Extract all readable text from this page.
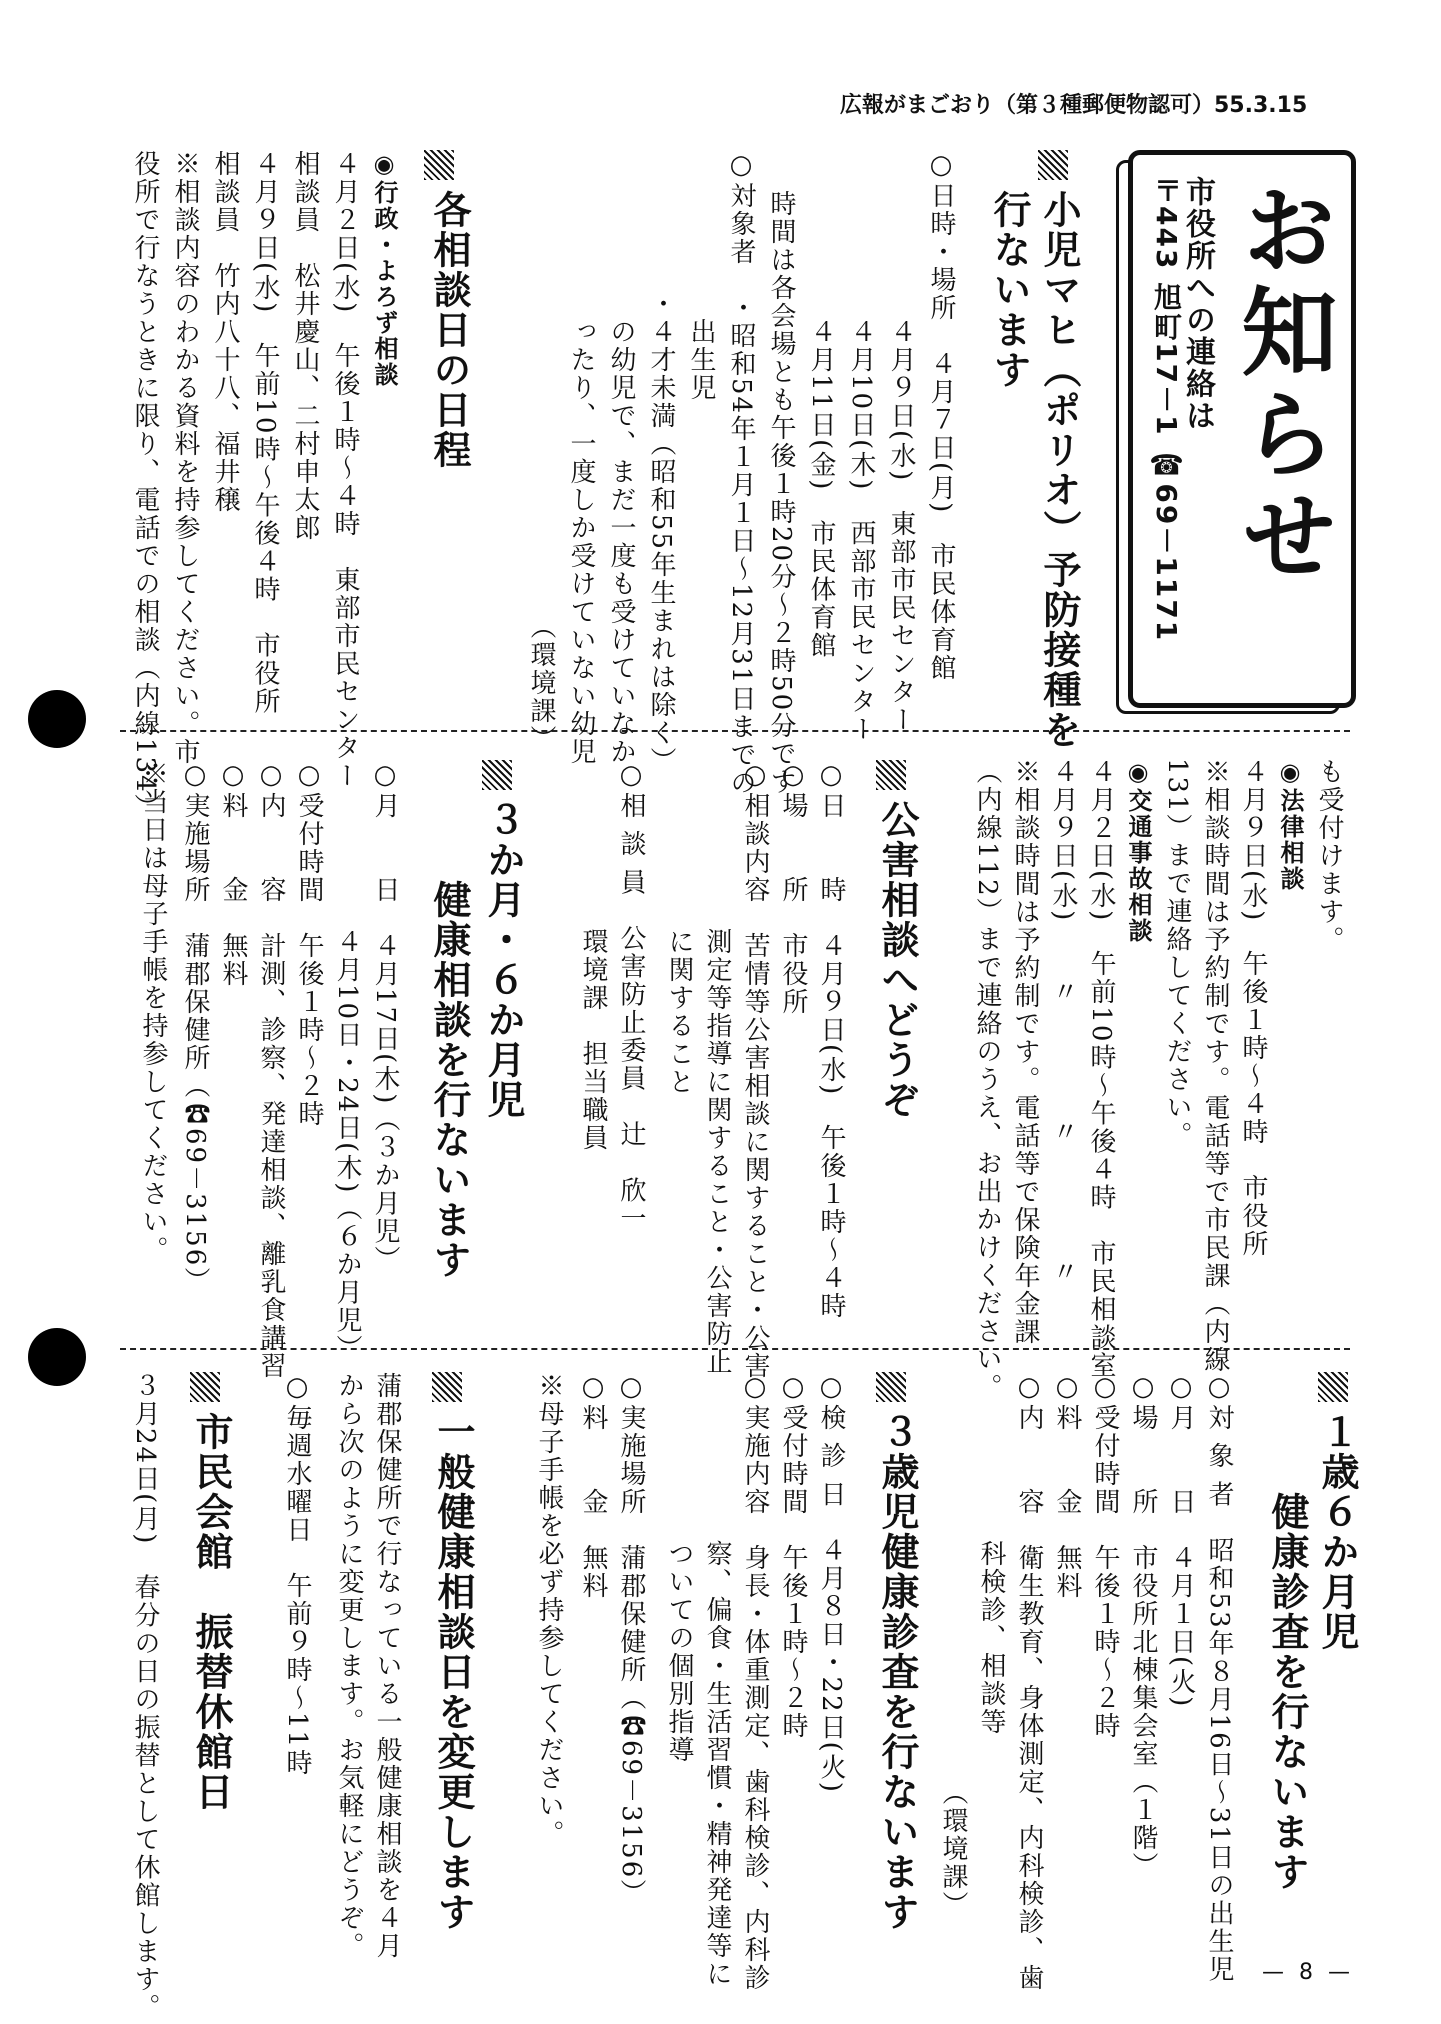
広報がまごおり（第３種郵便物認可）55.3.15
お知らせ
市役所への連絡は
〒443 旭町17－1 ☎69－1171
小児マヒ（ポリオ）予防接種を
行ないます
○日時・場所　４月７日(月)　市民体育館
　　　　　　４月９日(水)　東部市民センター
　　　　　　４月10日(木)　西部市民センター
　　　　　　４月11日(金)　市民体育館
時間は各会場とも午後１時20分～２時50分です
○対象者　・昭和54年１月１日～12月31日までの
　　　　　　出生児
　　　　　・４才未満（昭和55年生まれは除く）
　　　　　　の幼児で、まだ一度も受けていなか
　　　　　　ったり、一度しか受けていない幼児
　　　　　　　　　　　　　　　　　（環境課）
各相談日の日程
◉行政・よろず相談
４月２日(水)　午後１時～４時　東部市民センター
相談員　松井慶山、二村申太郎
４月９日(水)　午前10時～午後４時　市役所
相談員　竹内八十八、福井穣
※相談内容のわかる資料を持参してください。市
役所で行なうときに限り、電話での相談（内線134）
も受付けます。
◉法律相談
４月９日(水)　午後１時～４時　市役所
※相談時間は予約制です。電話等で市民課（内線
131）まで連絡してください。
◉交通事故相談
４月２日(水)　午前10時～午後４時　市民相談室
４月９日(水)　　〃　　　　〃　　　　〃
※相談時間は予約制です。電話等で保険年金課
（内線112）まで連絡のうえ、お出かけください。
公害相談へどうぞ
○日　　時　４月９日(水)　午後１時～４時
○場　　所　市役所
○相談内容　苦情等公害相談に関すること・公害
　　　　　　測定等指導に関すること・公害防止
　　　　　　に関すること
○相 談 員　公害防止委員　辻　欣一
　　　　　　環境課　担当職員
３か月・６か月児
健康相談を行ないます
○月　　日　４月17日(木)（３か月児）
　　　　　　４月10日・24日(木)（６か月児）
○受付時間　午後１時～２時
○内　　容　計測、診察、発達相談、離乳食講習
○料　　金　無料
○実施場所　蒲郡保健所（☎69－3156）
※当日は母子手帳を持参してください。
１歳６か月児
健康診査を行ないます
○対 象 者　昭和53年８月16日～31日の出生児
○月　　日　４月１日(火)
○場　　所　市役所北棟集会室（１階）
○受付時間　午後１時～２時
○料　　金　無料
○内　　容　衛生教育、身体測定、内科検診、歯
　　　　　　科検診、相談等
　　　　　　　　　　　　　　　（環境課）
３歳児健康診査を行ないます
○検 診 日　４月８日・22日(火)
○受付時間　午後１時～２時
○実施内容　身長・体重測定、歯科検診、内科診
　　　　　　察、偏食・生活習慣・精神発達等に
　　　　　　ついての個別指導
○実施場所　蒲郡保健所（☎69－3156）
○料　　金　無料
※母子手帳を必ず持参してください。
一般健康相談日を変更します
蒲郡保健所で行なっている一般健康相談を４月
から次のように変更します。お気軽にどうぞ。
○毎週水曜日　午前９時～11時
市民会館　振替休館日
３月24日(月)　春分の日の振替として休館します。	— 8 —
